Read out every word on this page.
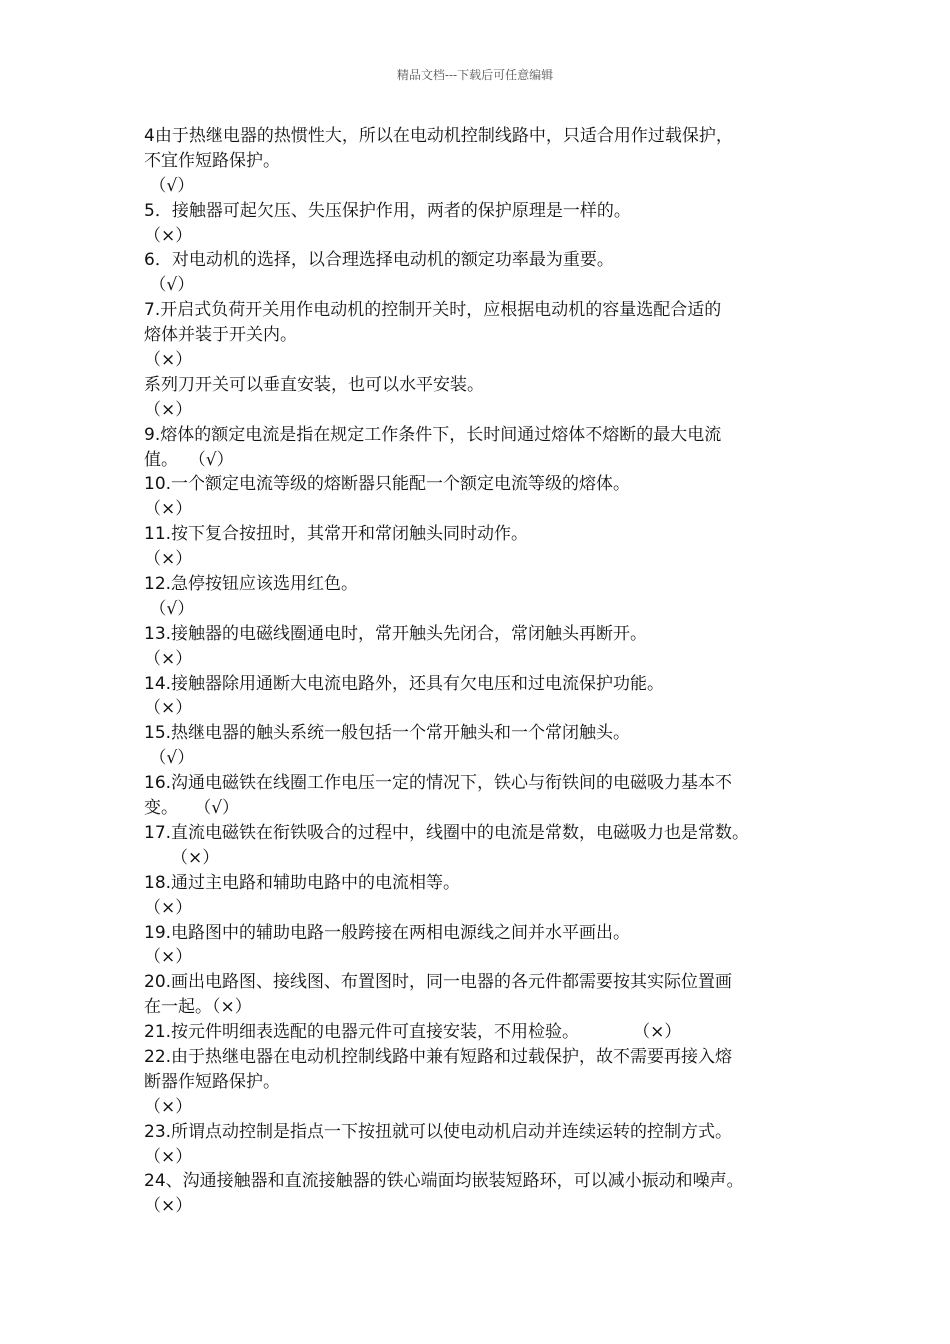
精品文档---下载后可任意编辑
4由于热继电器的热惯性大，所以在电动机控制线路中，只适合用作过载保护，
不宜作短路保护。
（√）
5．接触器可起欠压、失压保护作用，两者的保护原理是一样的。
（×）
6．对电动机的选择，以合理选择电动机的额定功率最为重要。
（√）
7.开启式负荷开关用作电动机的控制开关时，应根据电动机的容量选配合适的
熔体并装于开关内。
（×）
系列刀开关可以垂直安装，也可以水平安装。
（×）
9.熔体的额定电流是指在规定工作条件下，长时间通过熔体不熔断的最大电流
值。  （√）
10.一个额定电流等级的熔断器只能配一个额定电流等级的熔体。
（×）
11.按下复合按扭时，其常开和常闭触头同时动作。
（×）
12.急停按钮应该选用红色。
（√）
13.接触器的电磁线圈通电时，常开触头先闭合，常闭触头再断开。
（×）
14.接触器除用通断大电流电路外，还具有欠电压和过电流保护功能。
（×）
15.热继电器的触头系统一般包括一个常开触头和一个常闭触头。
（√）
16.沟通电磁铁在线圈工作电压一定的情况下，铁心与衔铁间的电磁吸力基本不
变。   （√）
17.直流电磁铁在衔铁吸合的过程中，线圈中的电流是常数，电磁吸力也是常数。
（×）
18.通过主电路和辅助电路中的电流相等。
（×）
19.电路图中的辅助电路一般跨接在两相电源线之间并水平画出。
（×）
20.画出电路图、接线图、布置图时，同一电器的各元件都需要按其实际位置画
在一起。（×）
21.按元件明细表选配的电器元件可直接安装，不用检验。          （×）
22.由于热继电器在电动机控制线路中兼有短路和过载保护，故不需要再接入熔
断器作短路保护。
（×）
23.所谓点动控制是指点一下按扭就可以使电动机启动并连续运转的控制方式。
（×）
24、沟通接触器和直流接触器的铁心端面均嵌装短路环，可以减小振动和噪声。
（×）
